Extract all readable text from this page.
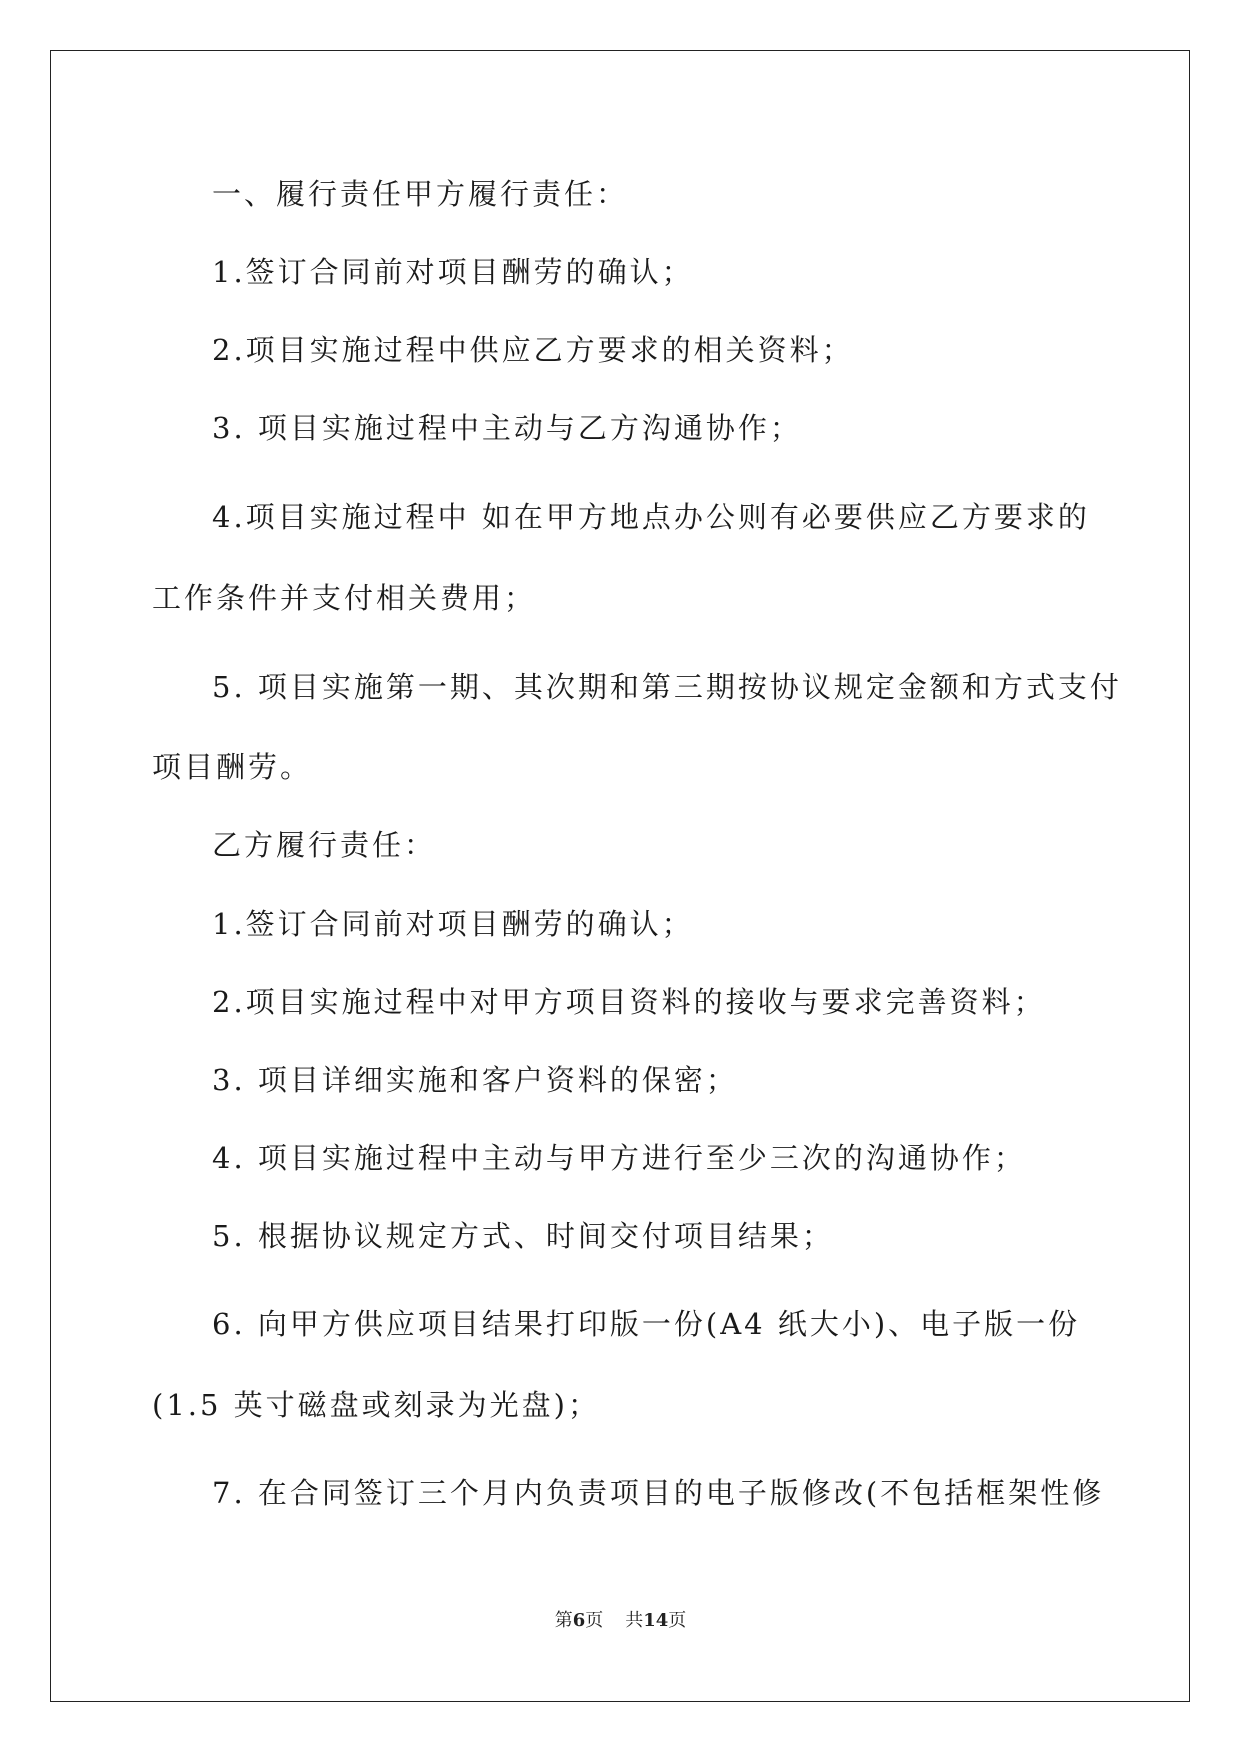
一、履行责任甲方履行责任：
1.签订合同前对项目酬劳的确认；
2.项目实施过程中供应乙方要求的相关资料；
3. 项目实施过程中主动与乙方沟通协作；
4.项目实施过程中 如在甲方地点办公则有必要供应乙方要求的
工作条件并支付相关费用；
5. 项目实施第一期、其次期和第三期按协议规定金额和方式支付
项目酬劳。
乙方履行责任：
1.签订合同前对项目酬劳的确认；
2.项目实施过程中对甲方项目资料的接收与要求完善资料；
3. 项目详细实施和客户资料的保密；
4. 项目实施过程中主动与甲方进行至少三次的沟通协作；
5. 根据协议规定方式、时间交付项目结果；
6. 向甲方供应项目结果打印版一份(A4 纸大小)、电子版一份
(1.5 英寸磁盘或刻录为光盘)；
7. 在合同签订三个月内负责项目的电子版修改(不包括框架性修
第6页 共14页
